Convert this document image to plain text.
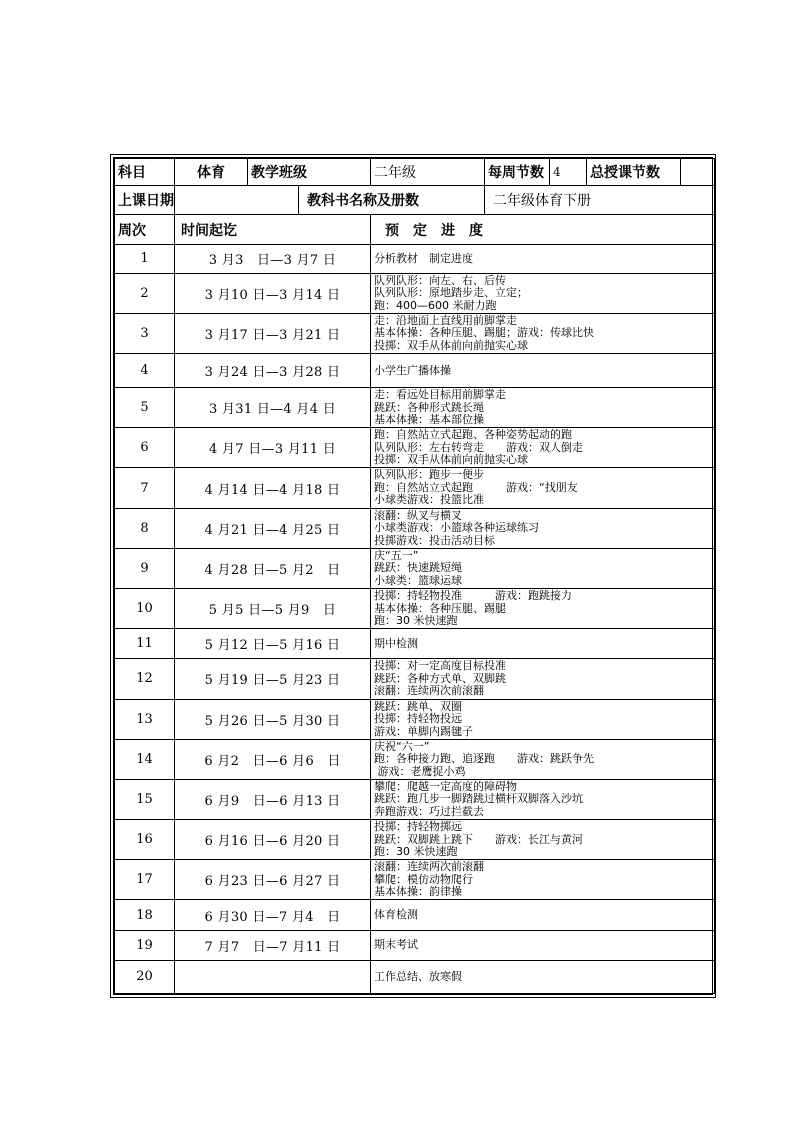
科目	体育	教学班级		二年级	每周节数	4	总授课节数	
上课日期			教科书名称及册数		二年级体育下册			
周次	时间起讫			预　定　进　度				
1	3 月3　日—3 月7 日			分析教材　制定进度				
2	3 月10 日—3 月14 日			队列队形：向左、右、后传
队列队形：原地踏步走、立定；
跑：400—600 米耐力跑				
3	3 月17 日—3 月21 日			走：沿地面上直线用前脚掌走
基本体操：各种压腿、踢腿；游戏：传球比快
投掷：双手从体前向前抛实心球				
4	3 月24 日—3 月28 日			小学生广播体操				
5	3 月31 日—4 月4 日			走：看远处目标用前脚掌走
跳跃：各种形式跳长绳
基本体操：基本部位操				
6	4 月7 日—3 月11 日			跑：自然站立式起跑、各种姿势起动的跑
队列队形：左右转弯走　　游戏：双人倒走
投掷：双手从体前向前抛实心球				
7	4 月14 日—4 月18 日			队列队形：跑步一便步
跑：自然站立式起跑　　　游戏：“找朋友
小球类游戏：投篮比准				
8	4 月21 日—4 月25 日			滚翻：纵叉与横叉
小球类游戏：小篮球各种运球练习
投掷游戏：投击活动目标				
9	4 月28 日—5 月2　日			庆“五一”
跳跃：快速跳短绳
小球类：篮球运球				
10	5 月5 日—5 月9　日			投掷：持轻物投准　　　游戏：跑跳接力
基本体操：各种压腿、踢腿
跑：30 米快速跑				
11	5 月12 日—5 月16 日			期中检测				
12	5 月19 日—5 月23 日			投掷：对一定高度目标投准
跳跃：各种方式单、双脚跳
滚翻：连续两次前滚翻				
13	5 月26 日—5 月30 日			跳跃：跳单、双圈
投掷：持轻物投远
游戏：单脚内踢毽子				
14	6 月2　日—6 月6　日			庆祝“六一”
跑：各种接力跑、追逐跑　　游戏：跳跃争先
游戏：老鹰捉小鸡				
15	6 月9　日—6 月13 日			攀爬：爬越一定高度的障碍物
跳跃：跑几步一脚踏跳过横杆双脚落入沙坑
奔跑游戏：巧过拦截去				
16	6 月16 日—6 月20 日			投掷：持轻物掷远
跳跃：双脚跳上跳下　　游戏：长江与黄河
跑：30 米快速跑				
17	6 月23 日—6 月27 日			滚翻：连续两次前滚翻
攀爬：模仿动物爬行
基本体操：韵律操				
18	6 月30 日—7 月4　日			体育检测				
19	7 月7　日—7 月11 日			期末考试				
20				工作总结、放寒假				
